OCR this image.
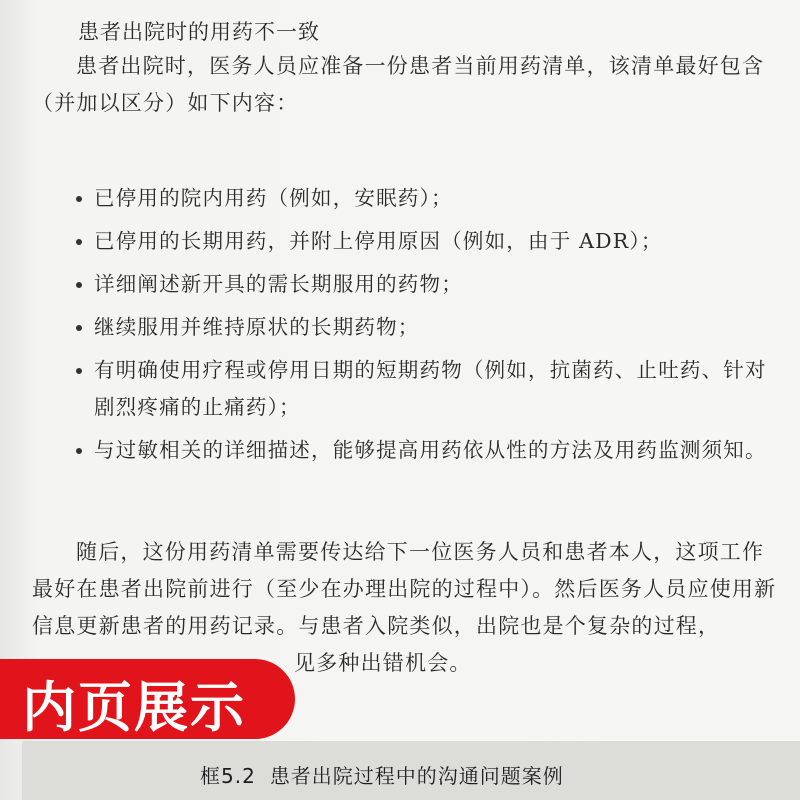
患者出院时的用药不一致
患者出院时，医务人员应准备一份患者当前用药清单，该清单最好包含（并加以区分）如下内容：
已停用的院内用药（例如，安眠药）；
已停用的长期用药，并附上停用原因（例如，由于 ADR）；
详细阐述新开具的需长期服用的药物；
继续服用并维持原状的长期药物；
有明确使用疗程或停用日期的短期药物（例如，抗菌药、止吐药、针对剧烈疼痛的止痛药）；
与过敏相关的详细描述，能够提高用药依从性的方法及用药监测须知。
随后，这份用药清单需要传达给下一位医务人员和患者本人，这项工作最好在患者出院前进行（至少在办理出院的过程中）。然后医务人员应使用新信息更新患者的用药记录。与患者入院类似，出院也是个复杂的过程，见多种出错机会。
内页展示
框5.2 患者出院过程中的沟通问题案例
